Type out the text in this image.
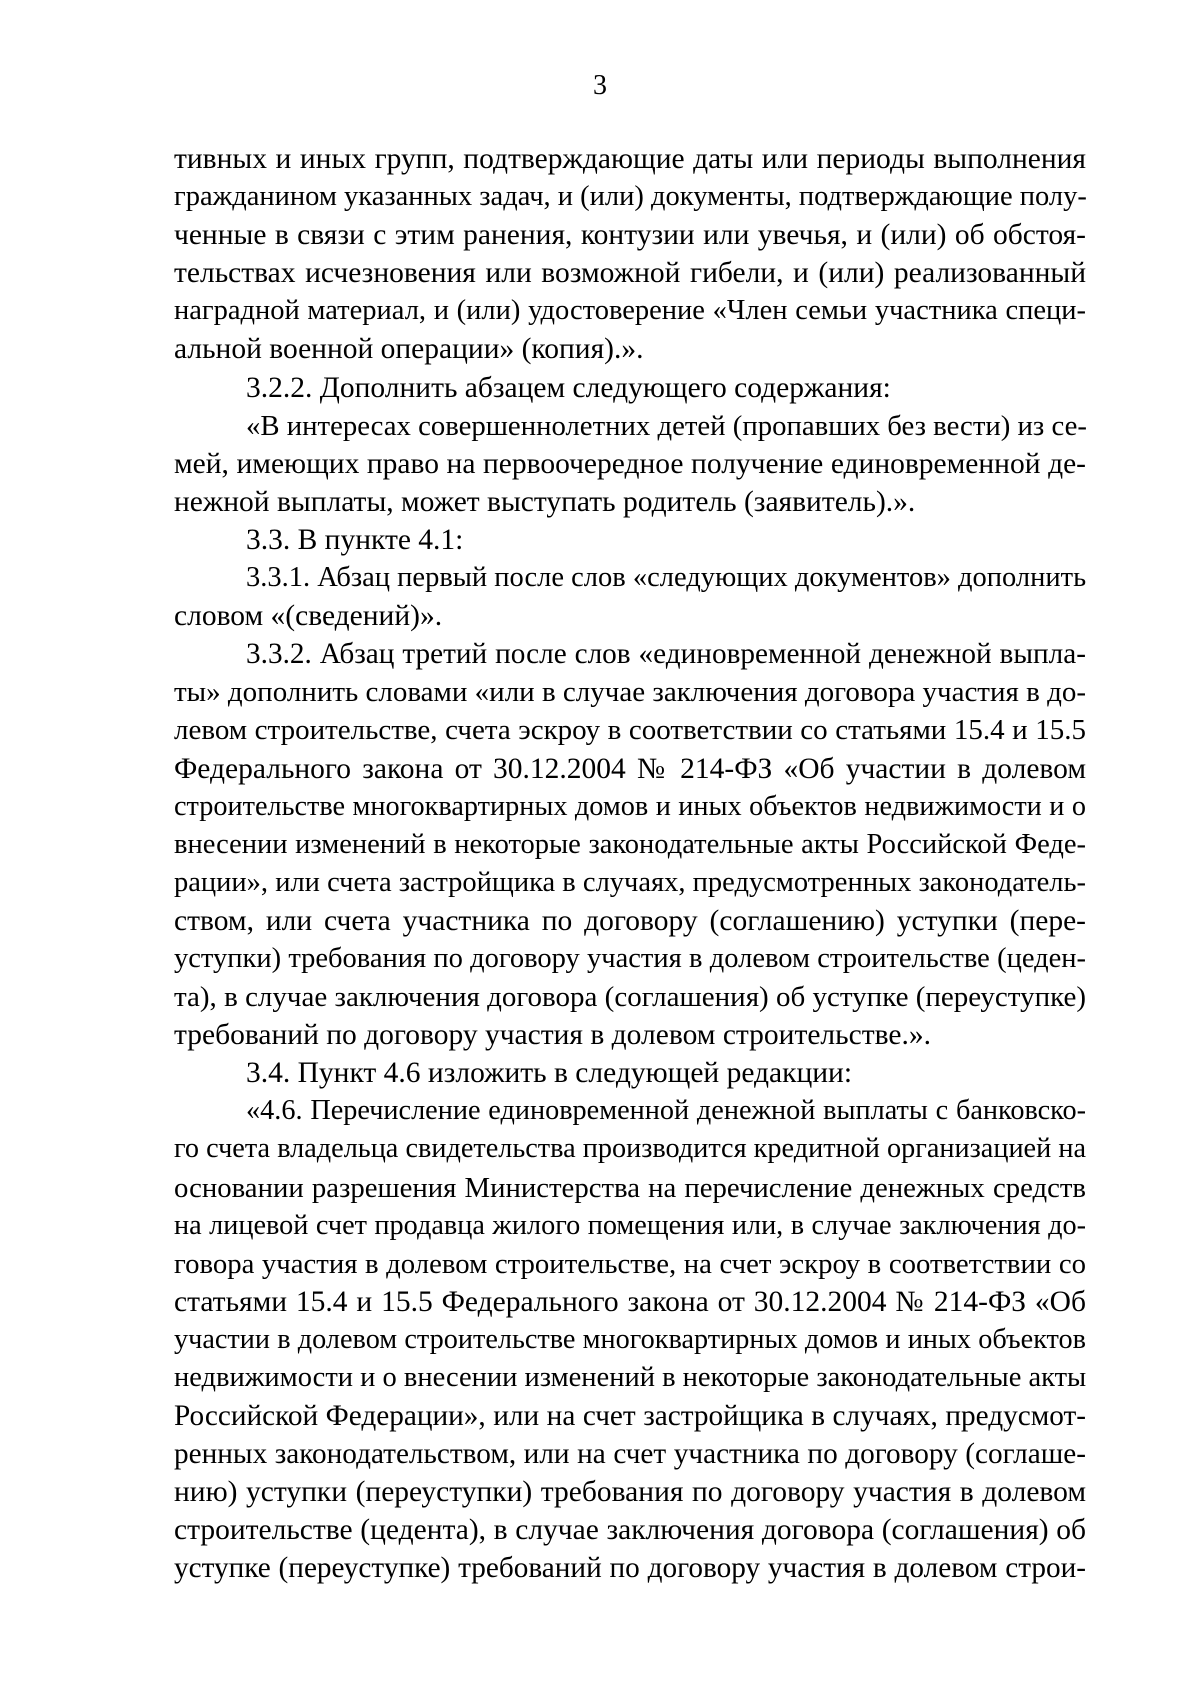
3
тивных и иных групп, подтверждающие даты или периоды выполнения
гражданином указанных задач, и (или) документы, подтверждающие полу-
ченные в связи с этим ранения, контузии или увечья, и (или) об обстоя-
тельствах исчезновения или возможной гибели, и (или) реализованный
наградной материал, и (или) удостоверение «Член семьи участника специ-
альной военной операции» (копия).».
3.2.2. Дополнить абзацем следующего содержания:
«В интересах совершеннолетних детей (пропавших без вести) из се-
мей, имеющих право на первоочередное получение единовременной де-
нежной выплаты, может выступать родитель (заявитель).».
3.3. В пункте 4.1:
3.3.1. Абзац первый после слов «следующих документов» дополнить
словом «(сведений)».
3.3.2. Абзац третий после слов «единовременной денежной выпла-
ты» дополнить словами «или в случае заключения договора участия в до-
левом строительстве, счета эскроу в соответствии со статьями 15.4 и 15.5
Федерального закона от 30.12.2004 № 214-ФЗ «Об участии в долевом
строительстве многоквартирных домов и иных объектов недвижимости и о
внесении изменений в некоторые законодательные акты Российской Феде-
рации», или счета застройщика в случаях, предусмотренных законодатель-
ством, или счета участника по договору (соглашению) уступки (пере-
уступки) требования по договору участия в долевом строительстве (цеден-
та), в случае заключения договора (соглашения) об уступке (переуступке)
требований по договору участия в долевом строительстве.».
3.4. Пункт 4.6 изложить в следующей редакции:
«4.6. Перечисление единовременной денежной выплаты с банковско-
го счета владельца свидетельства производится кредитной организацией на
основании разрешения Министерства на перечисление денежных средств
на лицевой счет продавца жилого помещения или, в случае заключения до-
говора участия в долевом строительстве, на счет эскроу в соответствии со
статьями 15.4 и 15.5 Федерального закона от 30.12.2004 № 214-ФЗ «Об
участии в долевом строительстве многоквартирных домов и иных объектов
недвижимости и о внесении изменений в некоторые законодательные акты
Российской Федерации», или на счет застройщика в случаях, предусмот-
ренных законодательством, или на счет участника по договору (соглаше-
нию) уступки (переуступки) требования по договору участия в долевом
строительстве (цедента), в случае заключения договора (соглашения) об
уступке (переуступке) требований по договору участия в долевом строи-
